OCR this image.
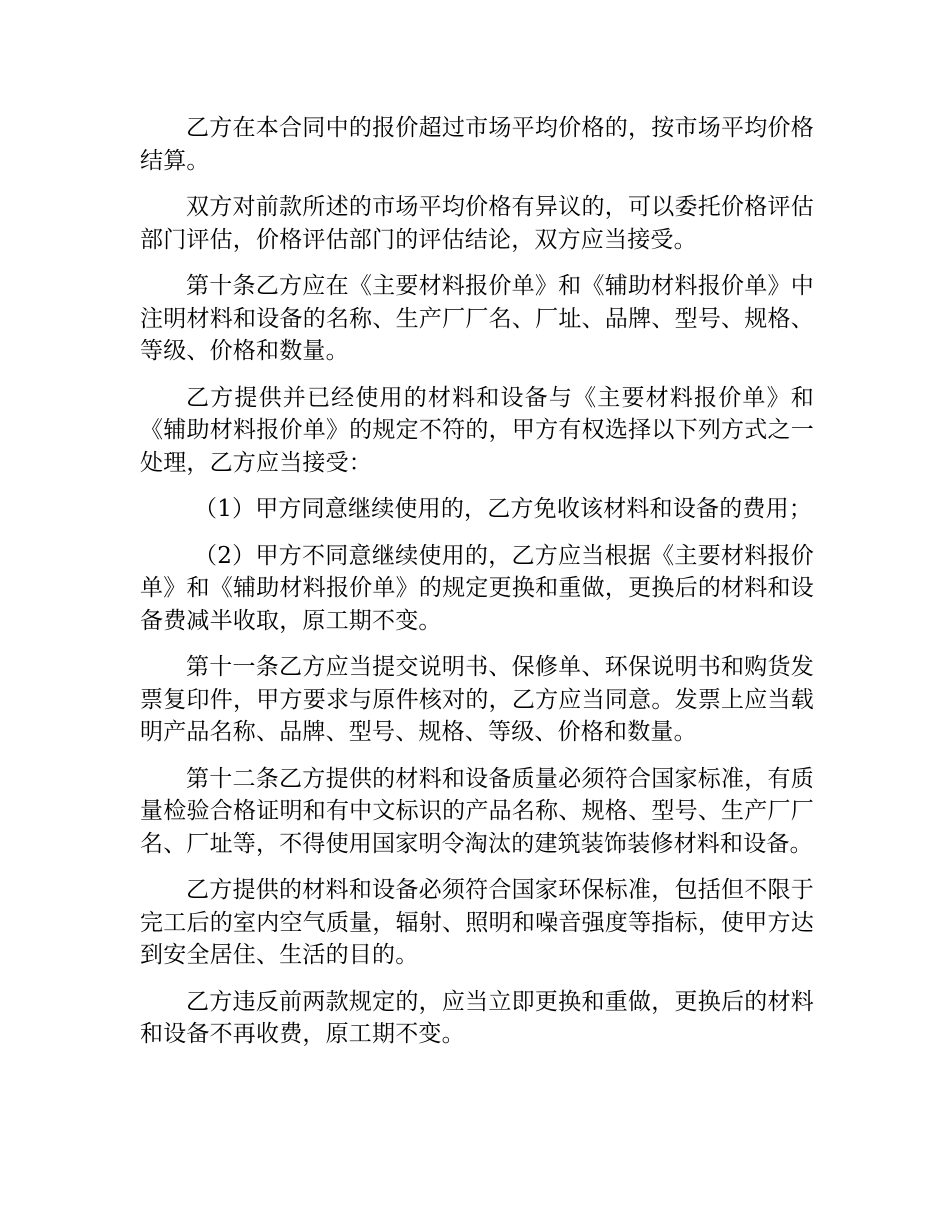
乙方在本合同中的报价超过市场平均价格的，按市场平均价格结算。

双方对前款所述的市场平均价格有异议的，可以委托价格评估部门评估，价格评估部门的评估结论，双方应当接受。

第十条乙方应在《主要材料报价单》和《辅助材料报价单》中注明材料和设备的名称、生产厂厂名、厂址、品牌、型号、规格、等级、价格和数量。

乙方提供并已经使用的材料和设备与《主要材料报价单》和《辅助材料报价单》的规定不符的，甲方有权选择以下列方式之一处理，乙方应当接受：

（1）甲方同意继续使用的，乙方免收该材料和设备的费用；

（2）甲方不同意继续使用的，乙方应当根据《主要材料报价单》和《辅助材料报价单》的规定更换和重做，更换后的材料和设备费减半收取，原工期不变。

第十一条乙方应当提交说明书、保修单、环保说明书和购货发票复印件，甲方要求与原件核对的，乙方应当同意。发票上应当载明产品名称、品牌、型号、规格、等级、价格和数量。

第十二条乙方提供的材料和设备质量必须符合国家标准，有质量检验合格证明和有中文标识的产品名称、规格、型号、生产厂厂名、厂址等，不得使用国家明令淘汰的建筑装饰装修材料和设备。

乙方提供的材料和设备必须符合国家环保标准，包括但不限于完工后的室内空气质量，辐射、照明和噪音强度等指标，使甲方达到安全居住、生活的目的。

乙方违反前两款规定的，应当立即更换和重做，更换后的材料和设备不再收费，原工期不变。
